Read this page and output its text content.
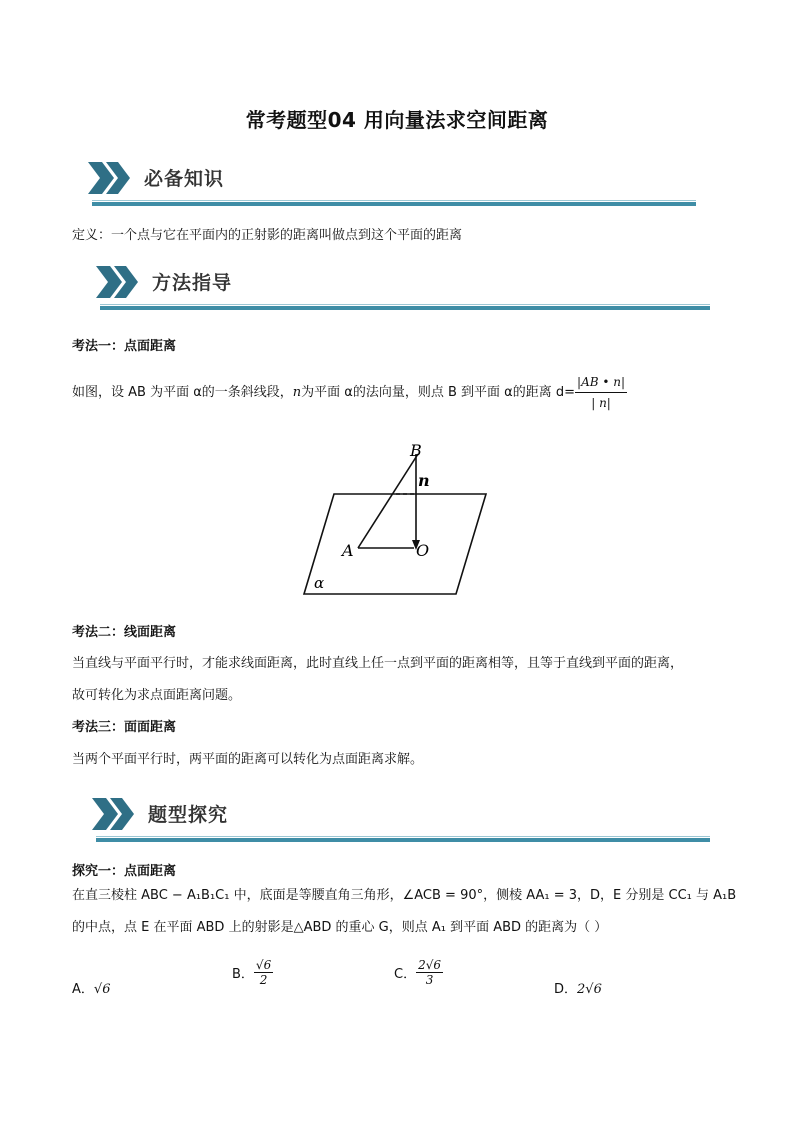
常考题型04 用向量法求空间距离
必备知识
定义：一个点与它在平面内的正射影的距离叫做点到这个平面的距离
方法指导
考法一：点面距离
如图，设 AB 为平面 α的一条斜线段，n为平面 α的法向量，则点 B 到平面 α的距离 $d= \frac{|AB • n|}{| n|}$
B
n
A	O
α
考法二：线面距离
当直线与平面平行时，才能求线面距离，此时直线上任一点到平面的距离相等，且等于直线到平面的距离，
故可转化为求点面距离问题。
考法三：面面距离
当两个平面平行时，两平面的距离可以转化为点面距离求解。
题型探究
探究一：点面距离
在直三棱柱 ABC − A₁B₁C₁ 中，底面是等腰直角三角形，∠ACB = 90°，侧棱 AA₁ = 3，D，E 分别是 CC₁ 与 A₁B
的中点，点 E 在平面 ABD 上的射影是△ABD 的重心 G，则点 A₁ 到平面 ABD 的距离为（ ）
A．√6
B． $\frac{√6}{2}$	C． $\frac{2√6}{3}$
D．2√6
